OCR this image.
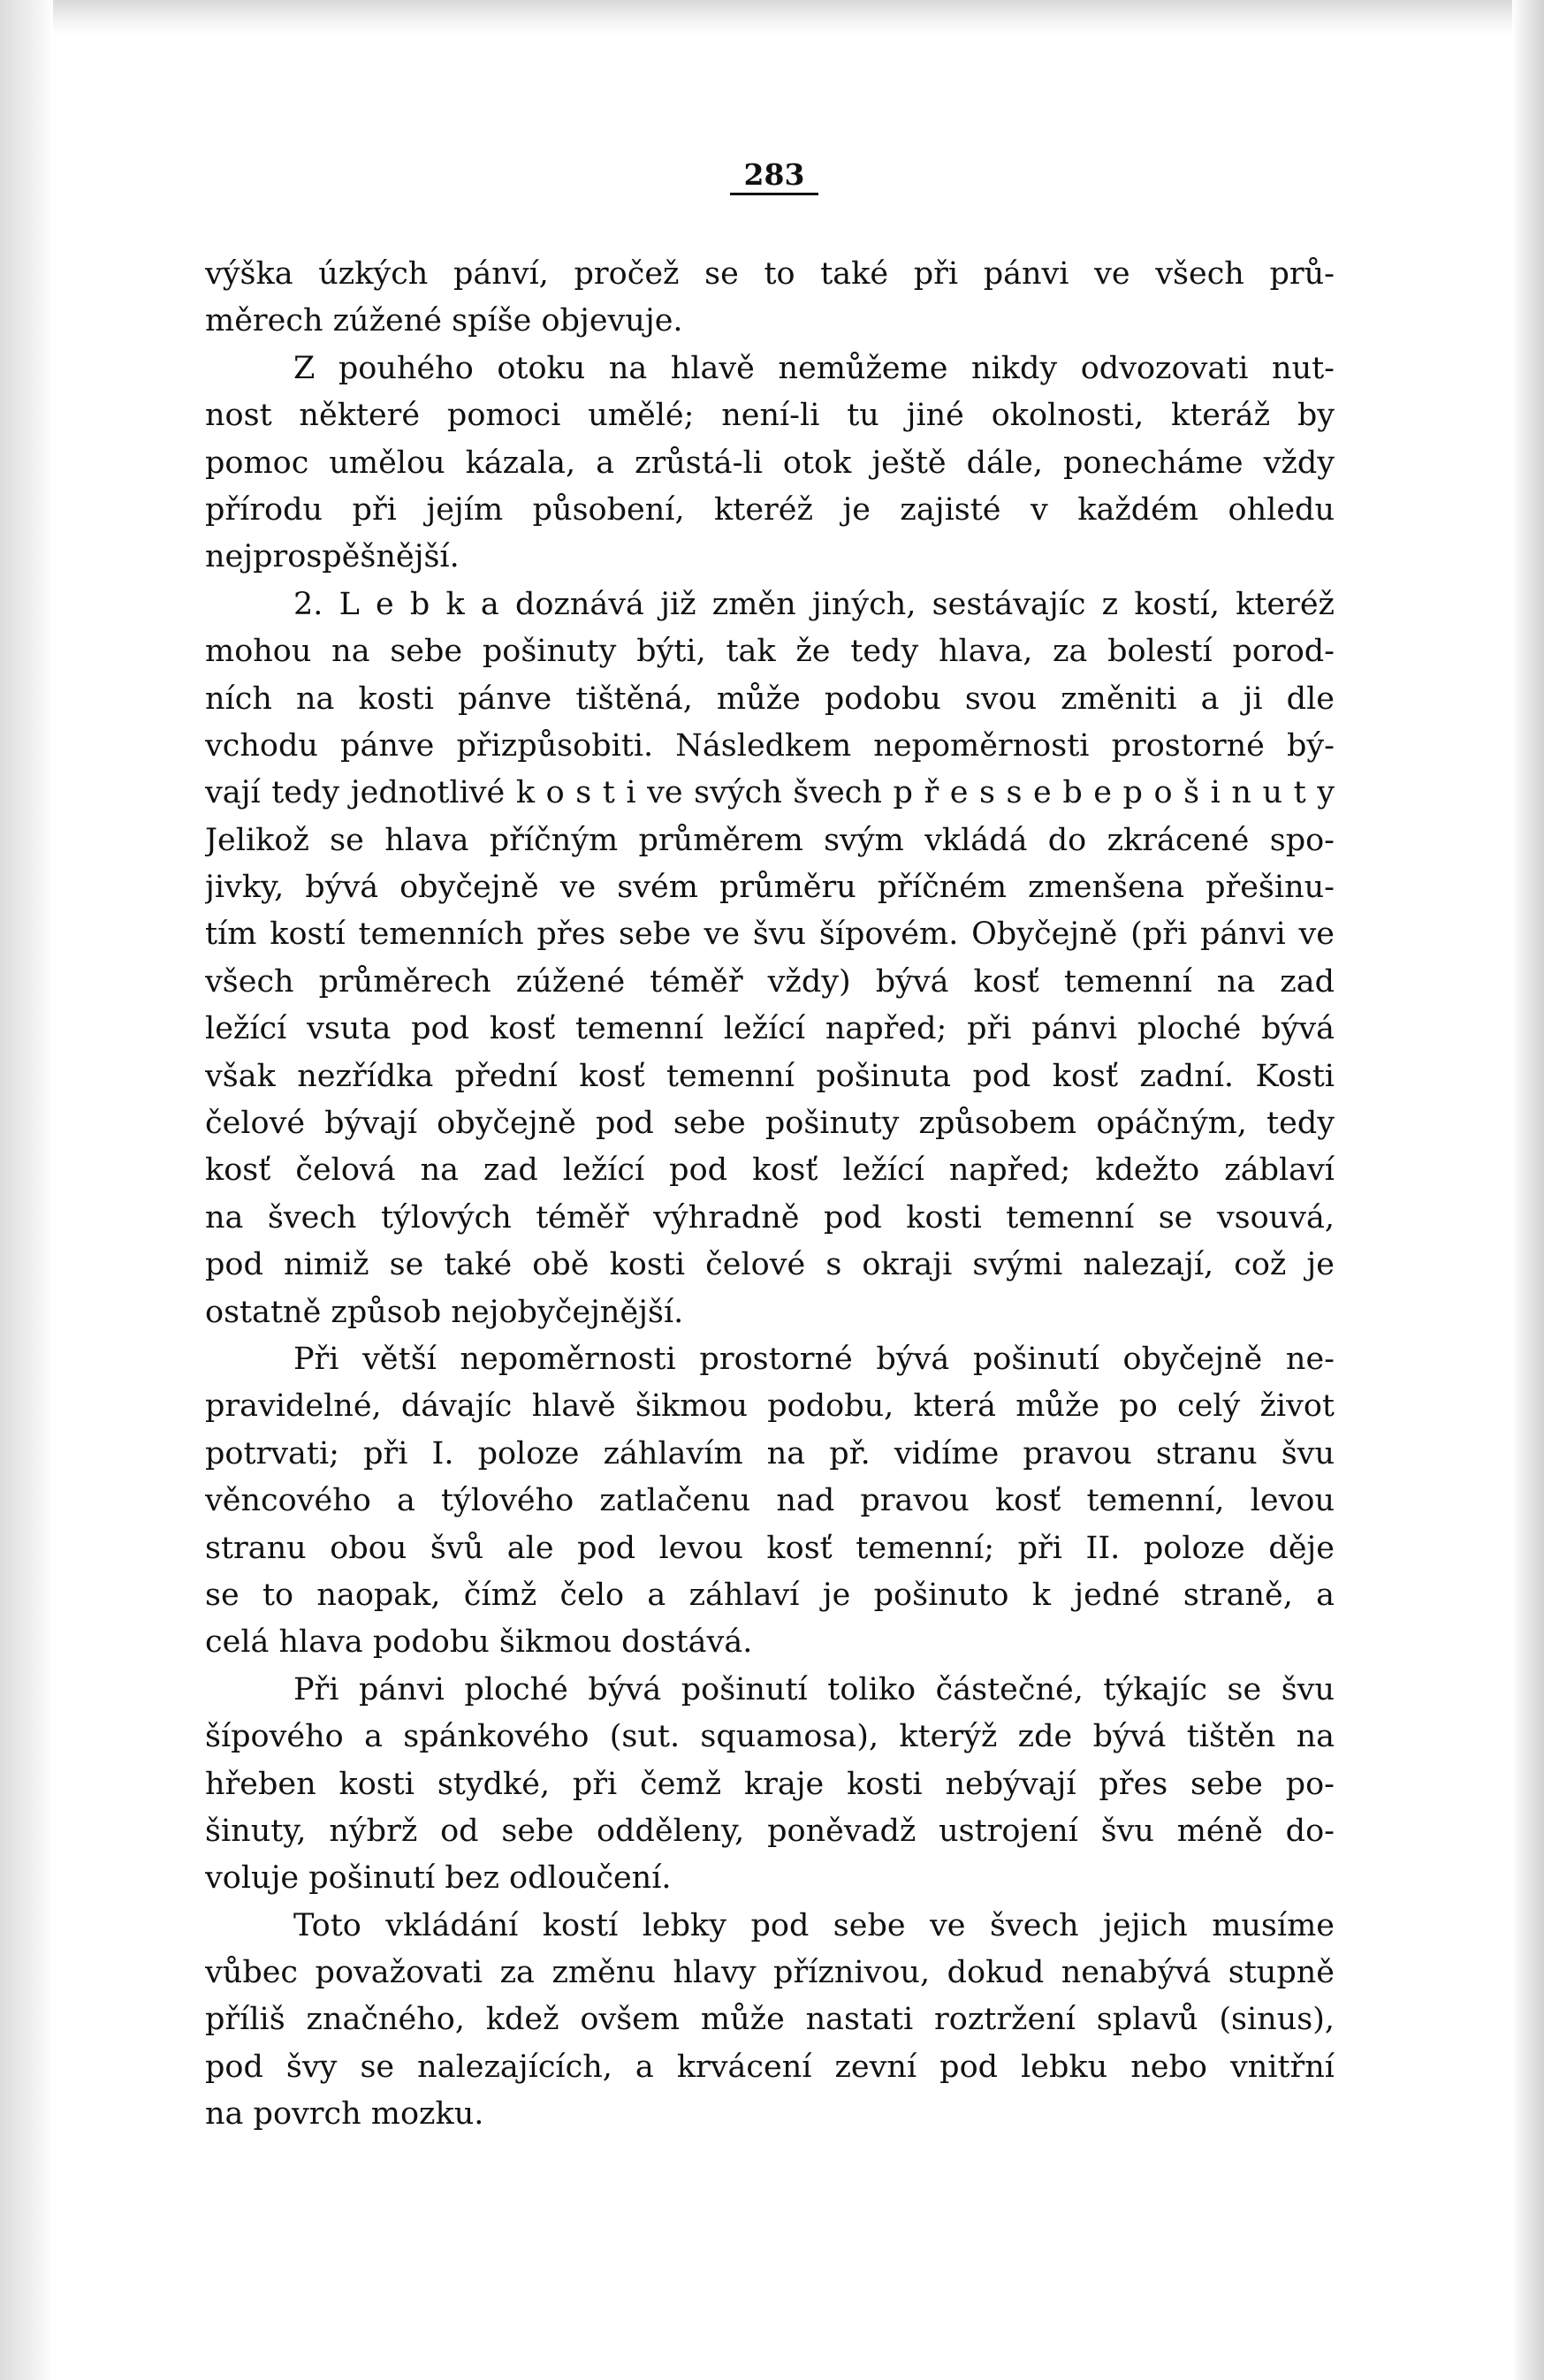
283
výška úzkých pánví, pročež se to také při pánvi ve všech prů-
měrech zúžené spíše objevuje.
Z pouhého otoku na hlavě nemůžeme nikdy odvozovati nut-
nost některé pomoci umělé; není-li tu jiné okolnosti, kteráž by
pomoc umělou kázala, a zrůstá-li otok ještě dále, ponecháme vždy
přírodu při jejím působení, kteréž je zajisté v každém ohledu
nejprospěšnější.
2. L e b k a doznává již změn jiných, sestávajíc z kostí, kteréž
mohou na sebe pošinuty býti, tak že tedy hlava, za bolestí porod-
ních na kosti pánve tištěná, může podobu svou změniti a ji dle
vchodu pánve přizpůsobiti. Následkem nepoměrnosti prostorné bý-
vají tedy jednotlivé k o s t i ve svých švech p ř e s s e b e p o š i n u t y
Jelikož se hlava příčným průměrem svým vkládá do zkrácené spo-
jivky, bývá obyčejně ve svém průměru příčném zmenšena přešinu-
tím kostí temenních přes sebe ve švu šípovém. Obyčejně (při pánvi ve
všech průměrech zúžené téměř vždy) bývá kosť temenní na zad
ležící vsuta pod kosť temenní ležící napřed; při pánvi ploché bývá
však nezřídka přední kosť temenní pošinuta pod kosť zadní. Kosti
čelové bývají obyčejně pod sebe pošinuty způsobem opáčným, tedy
kosť čelová na zad ležící pod kosť ležící napřed; kdežto záblaví
na švech týlových téměř výhradně pod kosti temenní se vsouvá,
pod nimiž se také obě kosti čelové s okraji svými nalezají, což je
ostatně způsob nejobyčejnější.
Při větší nepoměrnosti prostorné bývá pošinutí obyčejně ne-
pravidelné, dávajíc hlavě šikmou podobu, která může po celý život
potrvati; při I. poloze záhlavím na př. vidíme pravou stranu švu
věncového a týlového zatlačenu nad pravou kosť temenní, levou
stranu obou švů ale pod levou kosť temenní; při II. poloze děje
se to naopak, čímž čelo a záhlaví je pošinuto k jedné straně, a
celá hlava podobu šikmou dostává.
Při pánvi ploché bývá pošinutí toliko částečné, týkajíc se švu
šípového a spánkového (sut. squamosa), kterýž zde bývá tištěn na
hřeben kosti stydké, při čemž kraje kosti nebývají přes sebe po-
šinuty, nýbrž od sebe odděleny, poněvadž ustrojení švu méně do-
voluje pošinutí bez odloučení.
Toto vkládání kostí lebky pod sebe ve švech jejich musíme
vůbec považovati za změnu hlavy příznivou, dokud nenabývá stupně
příliš značného, kdež ovšem může nastati roztržení splavů (sinus),
pod švy se nalezajících, a krvácení zevní pod lebku nebo vnitřní
na povrch mozku.
